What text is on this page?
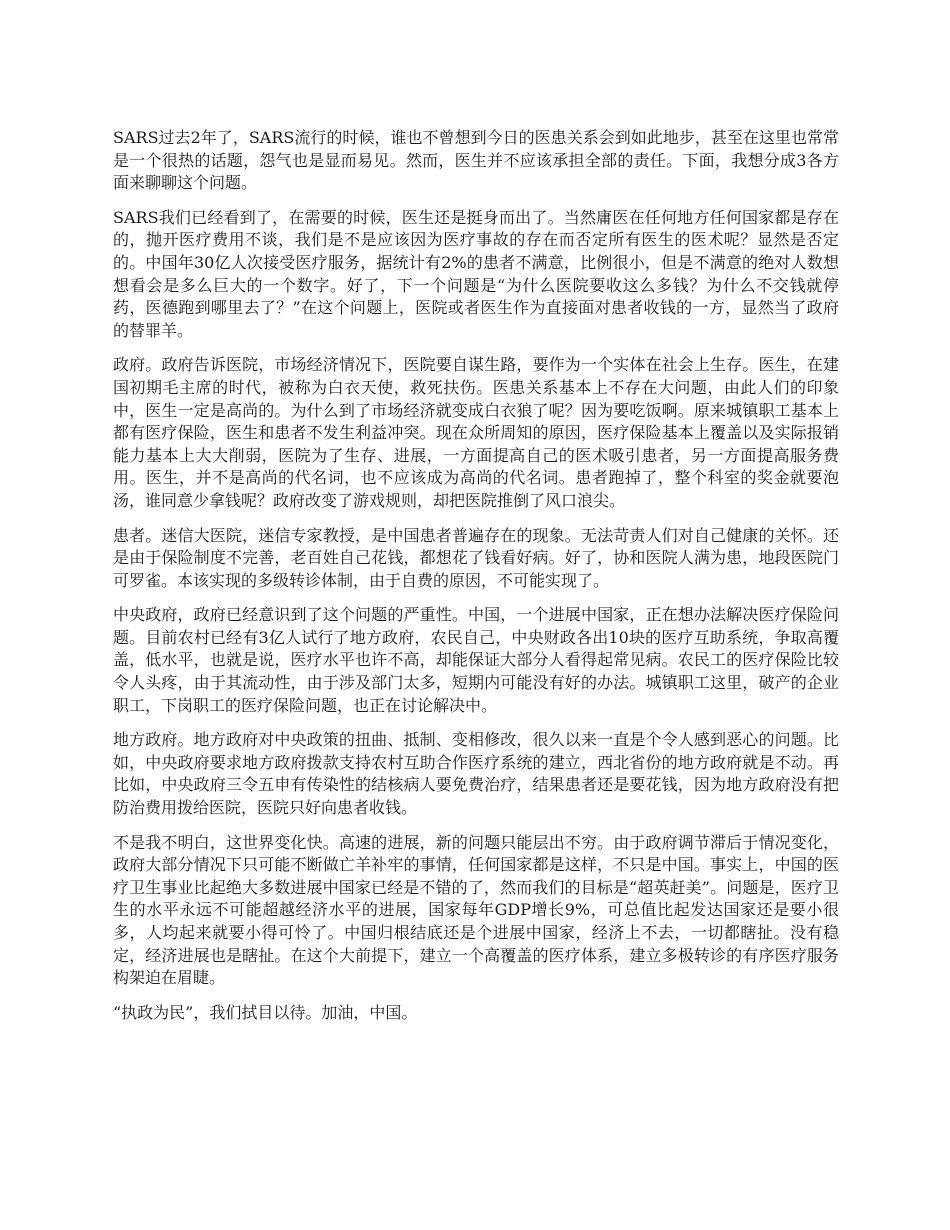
SARS过去2年了，SARS流行的时候，谁也不曾想到今日的医患关系会到如此地步，甚至在这里也常常是一个很热的话题，怨气也是显而易见。然而，医生并不应该承担全部的责任。下面，我想分成3各方面来聊聊这个问题。

SARS我们已经看到了，在需要的时候，医生还是挺身而出了。当然庸医在任何地方任何国家都是存在的，抛开医疗费用不谈，我们是不是应该因为医疗事故的存在而否定所有医生的医术呢？显然是否定的。中国年30亿人次接受医疗服务，据统计有2%的患者不满意，比例很小，但是不满意的绝对人数想想看会是多么巨大的一个数字。好了，下一个问题是“为什么医院要收这么多钱？为什么不交钱就停药，医德跑到哪里去了？”在这个问题上，医院或者医生作为直接面对患者收钱的一方，显然当了政府的替罪羊。

政府。政府告诉医院，市场经济情况下，医院要自谋生路，要作为一个实体在社会上生存。医生，在建国初期毛主席的时代，被称为白衣天使，救死扶伤。医患关系基本上不存在大问题，由此人们的印象中，医生一定是高尚的。为什么到了市场经济就变成白衣狼了呢？因为要吃饭啊。原来城镇职工基本上都有医疗保险，医生和患者不发生利益冲突。现在众所周知的原因，医疗保险基本上覆盖以及实际报销能力基本上大大削弱，医院为了生存、进展，一方面提高自己的医术吸引患者，另一方面提高服务费用。医生，并不是高尚的代名词，也不应该成为高尚的代名词。患者跑掉了，整个科室的奖金就要泡汤，谁同意少拿钱呢？政府改变了游戏规则，却把医院推倒了风口浪尖。

患者。迷信大医院，迷信专家教授，是中国患者普遍存在的现象。无法苛责人们对自己健康的关怀。还是由于保险制度不完善，老百姓自己花钱，都想花了钱看好病。好了，协和医院人满为患，地段医院门可罗雀。本该实现的多级转诊体制，由于自费的原因，不可能实现了。

中央政府，政府已经意识到了这个问题的严重性。中国，一个进展中国家，正在想办法解决医疗保险问题。目前农村已经有3亿人试行了地方政府，农民自己，中央财政各出10块的医疗互助系统，争取高覆盖，低水平，也就是说，医疗水平也许不高，却能保证大部分人看得起常见病。农民工的医疗保险比较令人头疼，由于其流动性，由于涉及部门太多，短期内可能没有好的办法。城镇职工这里，破产的企业职工，下岗职工的医疗保险问题，也正在讨论解决中。

地方政府。地方政府对中央政策的扭曲、抵制、变相修改，很久以来一直是个令人感到恶心的问题。比如，中央政府要求地方政府拨款支持农村互助合作医疗系统的建立，西北省份的地方政府就是不动。再比如，中央政府三令五申有传染性的结核病人要免费治疗，结果患者还是要花钱，因为地方政府没有把防治费用拨给医院，医院只好向患者收钱。

不是我不明白，这世界变化快。高速的进展，新的问题只能层出不穷。由于政府调节滞后于情况变化，政府大部分情况下只可能不断做亡羊补牢的事情，任何国家都是这样，不只是中国。事实上，中国的医疗卫生事业比起绝大多数进展中国家已经是不错的了，然而我们的目标是“超英赶美”。问题是，医疗卫生的水平永远不可能超越经济水平的进展，国家每年GDP增长9%，可总值比起发达国家还是要小很多，人均起来就要小得可怜了。中国归根结底还是个进展中国家，经济上不去，一切都瞎扯。没有稳定，经济进展也是瞎扯。在这个大前提下，建立一个高覆盖的医疗体系，建立多极转诊的有序医疗服务构架迫在眉睫。

“执政为民”，我们拭目以待。加油，中国。
